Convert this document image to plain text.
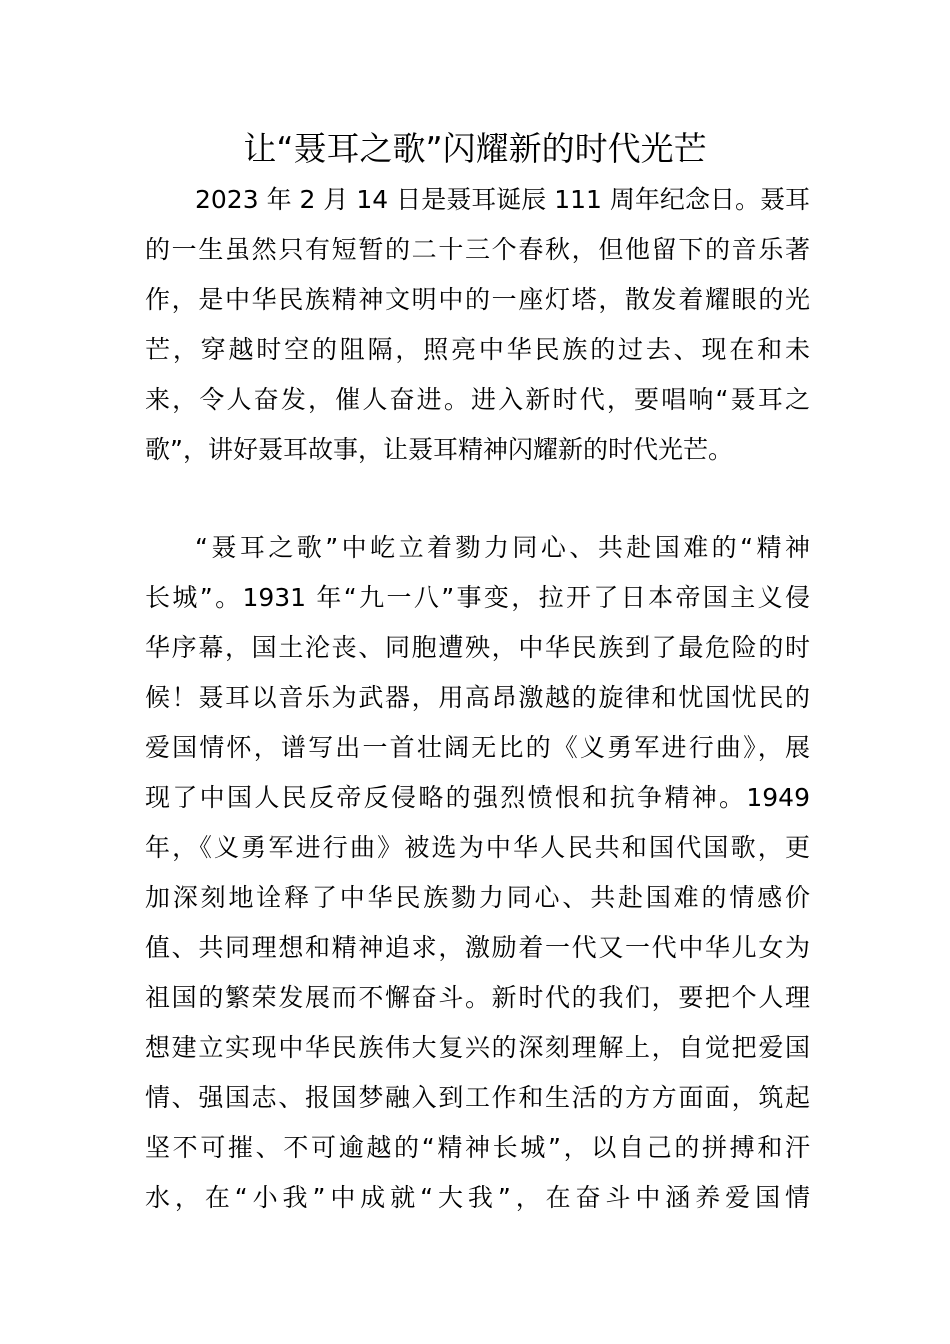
让“聂耳之歌”闪耀新的时代光芒
2023 年 2 月 14 日是聂耳诞辰 111 周年纪念日。聂耳
的一生虽然只有短暂的二十三个春秋，但他留下的音乐著
作，是中华民族精神文明中的一座灯塔，散发着耀眼的光
芒，穿越时空的阻隔，照亮中华民族的过去、现在和未
来，令人奋发，催人奋进。进入新时代，要唱响“聂耳之
歌”，讲好聂耳故事，让聂耳精神闪耀新的时代光芒。
“聂耳之歌”中屹立着勠力同心、共赴国难的“精神
长城”。1931 年“九一八”事变，拉开了日本帝国主义侵
华序幕，国土沦丧、同胞遭殃，中华民族到了最危险的时
候！聂耳以音乐为武器，用高昂激越的旋律和忧国忧民的
爱国情怀，谱写出一首壮阔无比的《义勇军进行曲》，展
现了中国人民反帝反侵略的强烈愤恨和抗争精神。1949
年，《义勇军进行曲》被选为中华人民共和国代国歌，更
加深刻地诠释了中华民族勠力同心、共赴国难的情感价
值、共同理想和精神追求，激励着一代又一代中华儿女为
祖国的繁荣发展而不懈奋斗。新时代的我们，要把个人理
想建立实现中华民族伟大复兴的深刻理解上，自觉把爱国
情、强国志、报国梦融入到工作和生活的方方面面，筑起
坚不可摧、不可逾越的“精神长城”，以自己的拼搏和汗
水，在“小我”中成就“大我”，在奋斗中涵养爱国情
